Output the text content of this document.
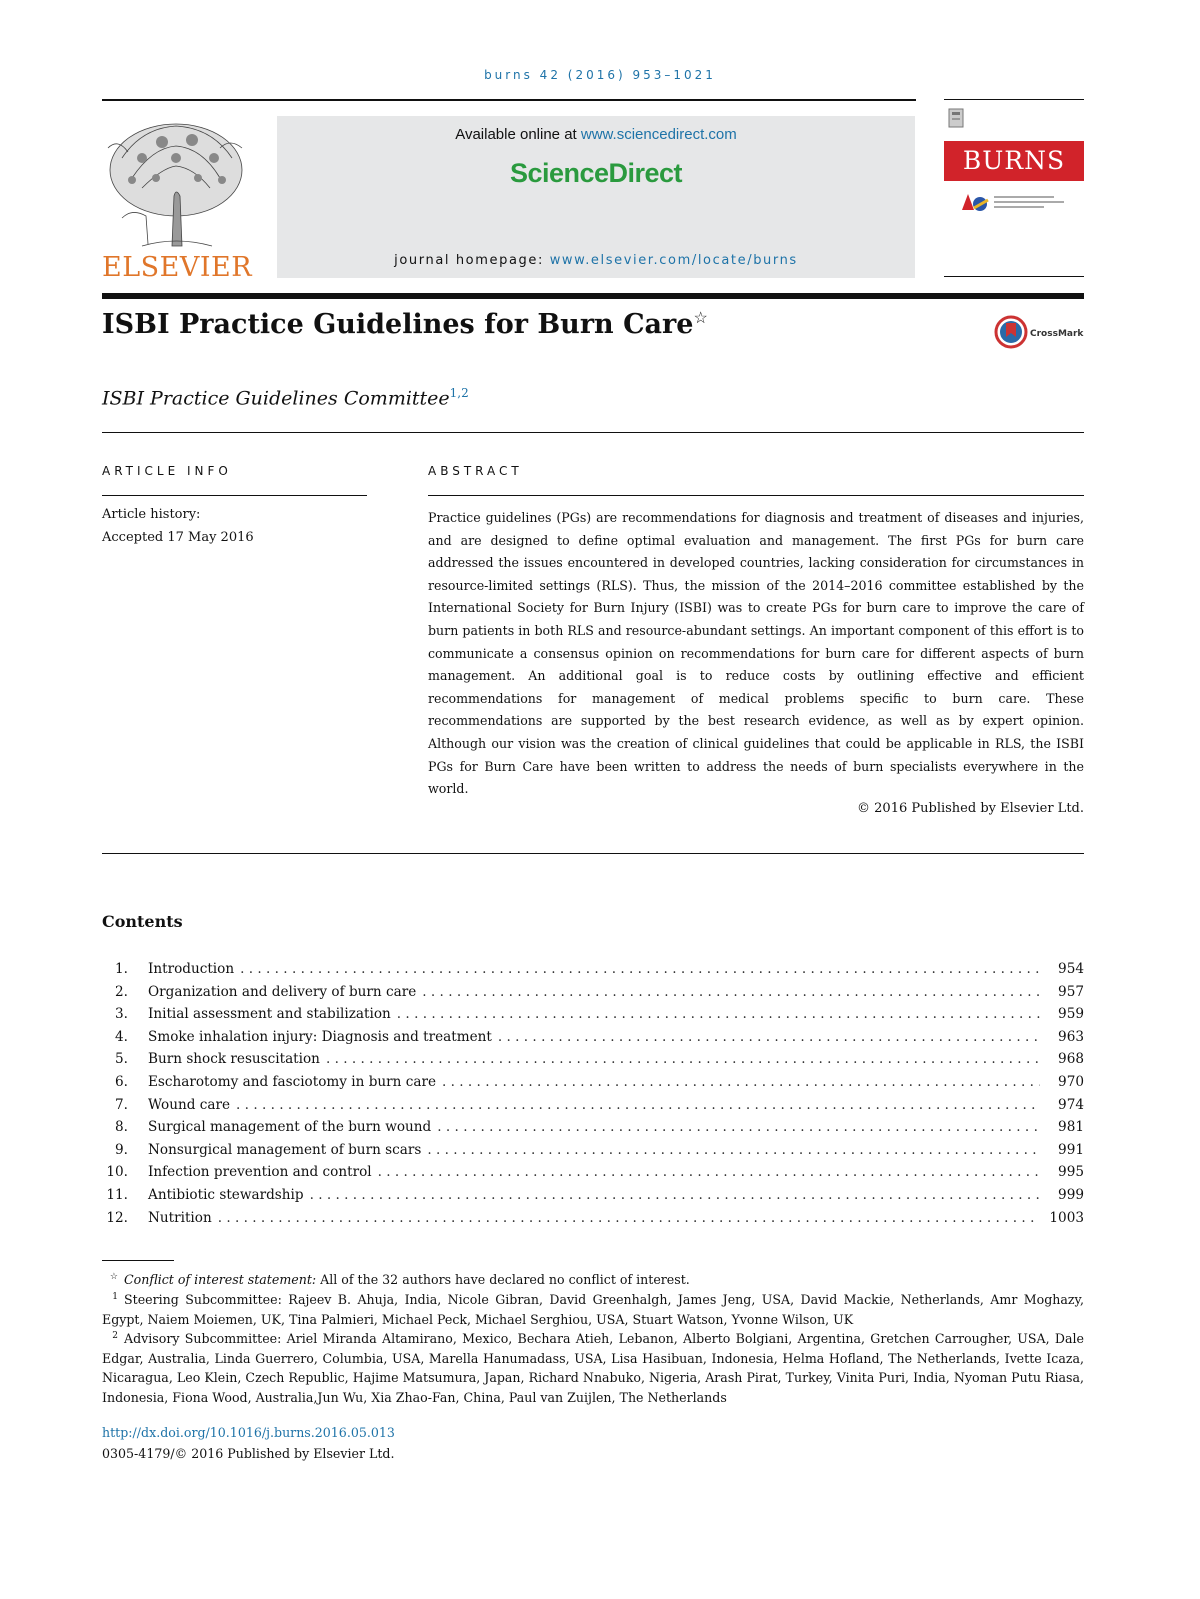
burns 42 (2016) 953–1021
ELSEVIER
Available online at www.sciencedirect.com
ScienceDirect
journal homepage: www.elsevier.com/locate/burns
BURNS
ISBI Practice Guidelines for Burn Care☆
CrossMark
ISBI Practice Guidelines Committee$^{1,2}$
ARTICLE INFO
Article history:
Accepted 17 May 2016
ABSTRACT
Practice guidelines (PGs) are recommendations for diagnosis and treatment of diseases and injuries, and are designed to define optimal evaluation and management. The first PGs for burn care addressed the issues encountered in developed countries, lacking consideration for circumstances in resource-limited settings (RLS). Thus, the mission of the 2014–2016 committee established by the International Society for Burn Injury (ISBI) was to create PGs for burn care to improve the care of burn patients in both RLS and resource-abundant settings. An important component of this effort is to communicate a consensus opinion on recommendations for burn care for different aspects of burn management. An additional goal is to reduce costs by outlining effective and efficient recommendations for management of medical problems specific to burn care. These recommendations are supported by the best research evidence, as well as by expert opinion. Although our vision was the creation of clinical guidelines that could be applicable in RLS, the ISBI PGs for Burn Care have been written to address the needs of burn specialists everywhere in the world.
© 2016 Published by Elsevier Ltd.
Contents
1. Introduction . . .	954
2. Organization and delivery of burn care . . .	957
3. Initial assessment and stabilization . . .	959
4. Smoke inhalation injury: Diagnosis and treatment . . .	963
5. Burn shock resuscitation . . .	968
6. Escharotomy and fasciotomy in burn care . . .	970
7. Wound care . . .	974
8. Surgical management of the burn wound . . .	981
9. Nonsurgical management of burn scars . . .	991
10. Infection prevention and control . . .	995
11. Antibiotic stewardship . . .	999
12. Nutrition . . .	1003
☆ Conflict of interest statement: All of the 32 authors have declared no conflict of interest.
$^1$ Steering Subcommittee: Rajeev B. Ahuja, India, Nicole Gibran, David Greenhalgh, James Jeng, USA, David Mackie, Netherlands, Amr Moghazy, Egypt, Naiem Moiemen, UK, Tina Palmieri, Michael Peck, Michael Serghiou, USA, Stuart Watson, Yvonne Wilson, UK
$^2$ Advisory Subcommittee: Ariel Miranda Altamirano, Mexico, Bechara Atieh, Lebanon, Alberto Bolgiani, Argentina, Gretchen Carrougher, USA, Dale Edgar, Australia, Linda Guerrero, Columbia, USA, Marella Hanumadass, USA, Lisa Hasibuan, Indonesia, Helma Hofland, The Netherlands, Ivette Icaza, Nicaragua, Leo Klein, Czech Republic, Hajime Matsumura, Japan, Richard Nnabuko, Nigeria, Arash Pirat, Turkey, Vinita Puri, India, Nyoman Putu Riasa, Indonesia, Fiona Wood, Australia,Jun Wu, Xia Zhao-Fan, China, Paul van Zuijlen, The Netherlands
http://dx.doi.org/10.1016/j.burns.2016.05.013
0305-4179/© 2016 Published by Elsevier Ltd.
